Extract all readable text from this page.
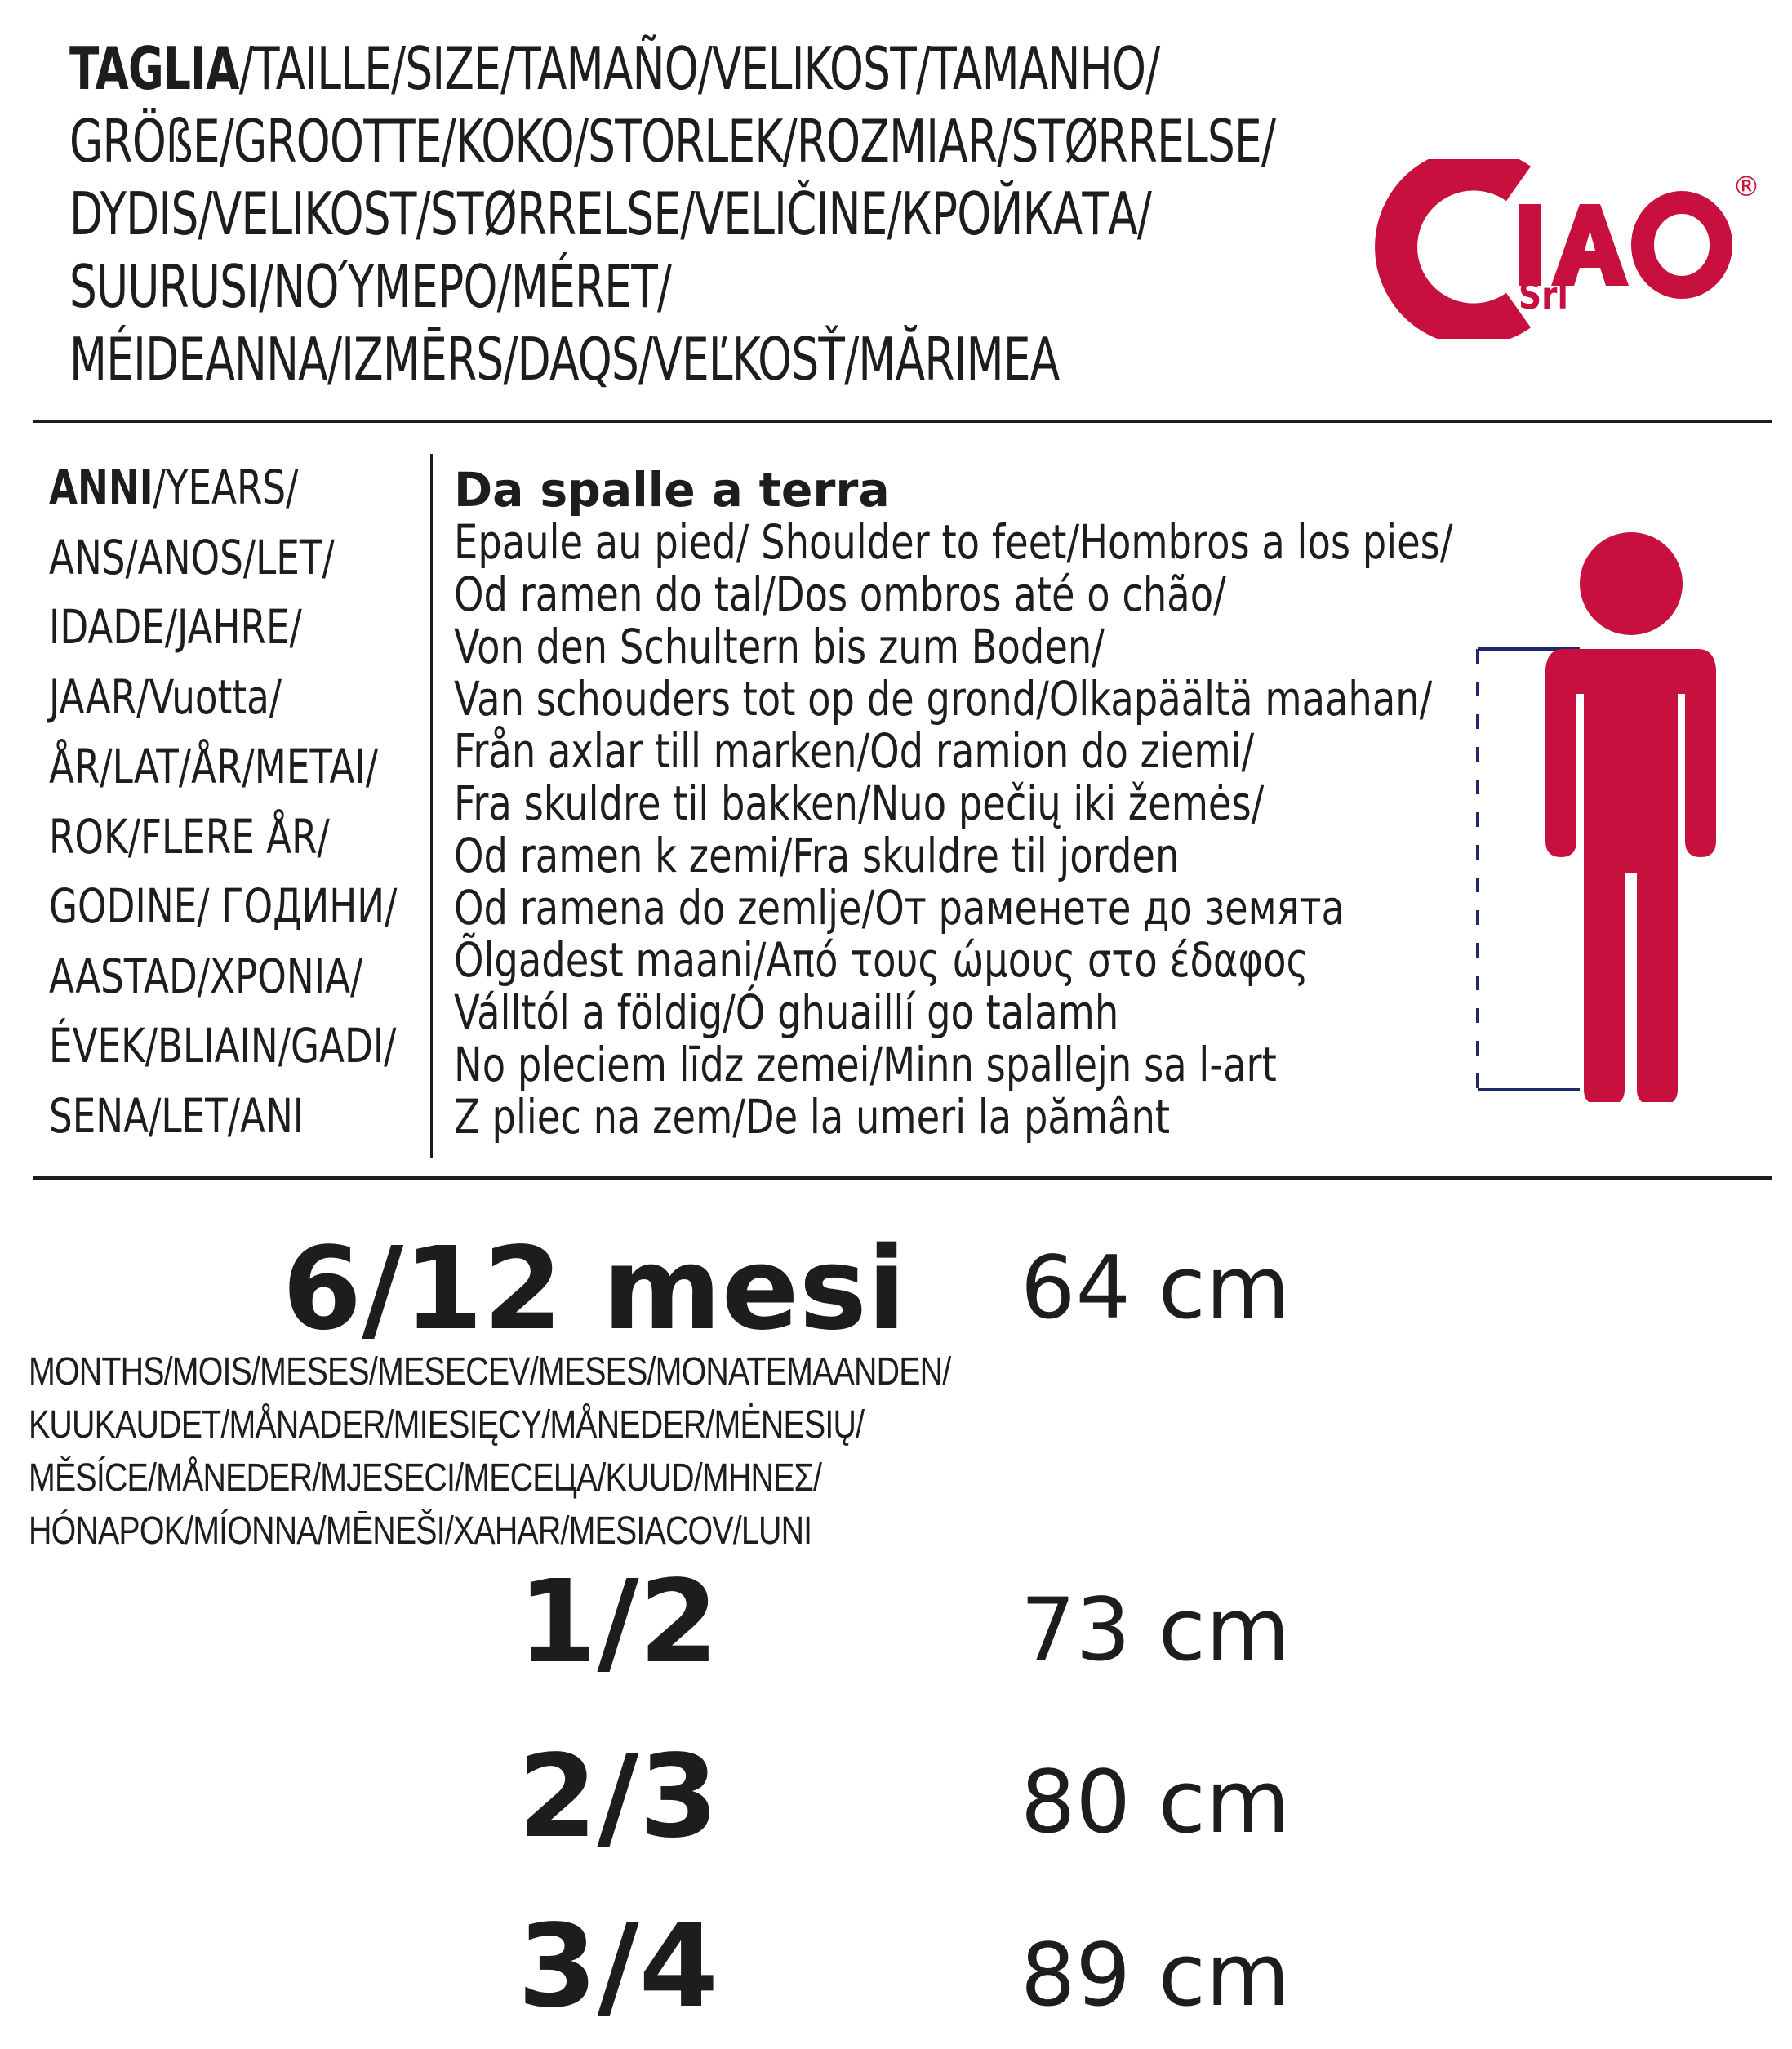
TAGLIA/TAILLE/SIZE/TAMAÑO/VELIKOST/TAMANHO/
GRÖßE/GROOTTE/KOKO/STORLEK/ROZMIAR/STØRRELSE/
DYDIS/VELIKOST/STØRRELSE/VELIČINE/КРОЙКАТА/
SUURUSI/ΝΟΎΜΕΡΟ/MÉRET/
MÉIDEANNA/IZMĒRS/DAQS/VEĽKOSŤ/MĂRIMEA
®
Srl
ANNI/YEARS/
ANS/ANOS/LET/
IDADE/JAHRE/
JAAR/Vuotta/
ÅR/LAT/ÅR/METAI/
ROK/FLERE ÅR/
GODINE/ ГОДИНИ/
AASTAD/ΧΡΟΝΙΑ/
ÉVEK/BLIAIN/GADI/
SENA/LET/ANI
Da spalle a terra
Epaule au pied/ Shoulder to feet/Hombros a los pies/
Od ramen do tal/Dos ombros até o chão/
Von den Schultern bis zum Boden/
Van schouders tot op de grond/Olkapäältä maahan/
Från axlar till marken/Od ramion do ziemi/
Fra skuldre til bakken/Nuo pečių iki žemės/
Od ramen k zemi/Fra skuldre til jorden
Od ramena do zemlje/От раменете до земята
Õlgadest maani/Από τους ώμους στο έδαφος
Válltól a földig/Ó ghuaillí go talamh
No pleciem līdz zemei/Minn spallejn sa l-art
Z pliec na zem/De la umeri la pământ
6/12 mesi 64 cm
MONTHS/MOIS/MESES/MESECEV/MESES/MONATEMAANDEN/
KUUKAUDET/MÅNADER/MIESIĘCY/MÅNEDER/MĖNESIŲ/
MĚSÍCE/MÅNEDER/MJESECI/МЕСЕЦА/KUUD/ΜΗΝΕΣ/
HÓNAPOK/MÍONNA/MĒNEŠI/XAHAR/MESIACOV/LUNI
1/2	73 cm
2/3	80 cm
3/4	89 cm
